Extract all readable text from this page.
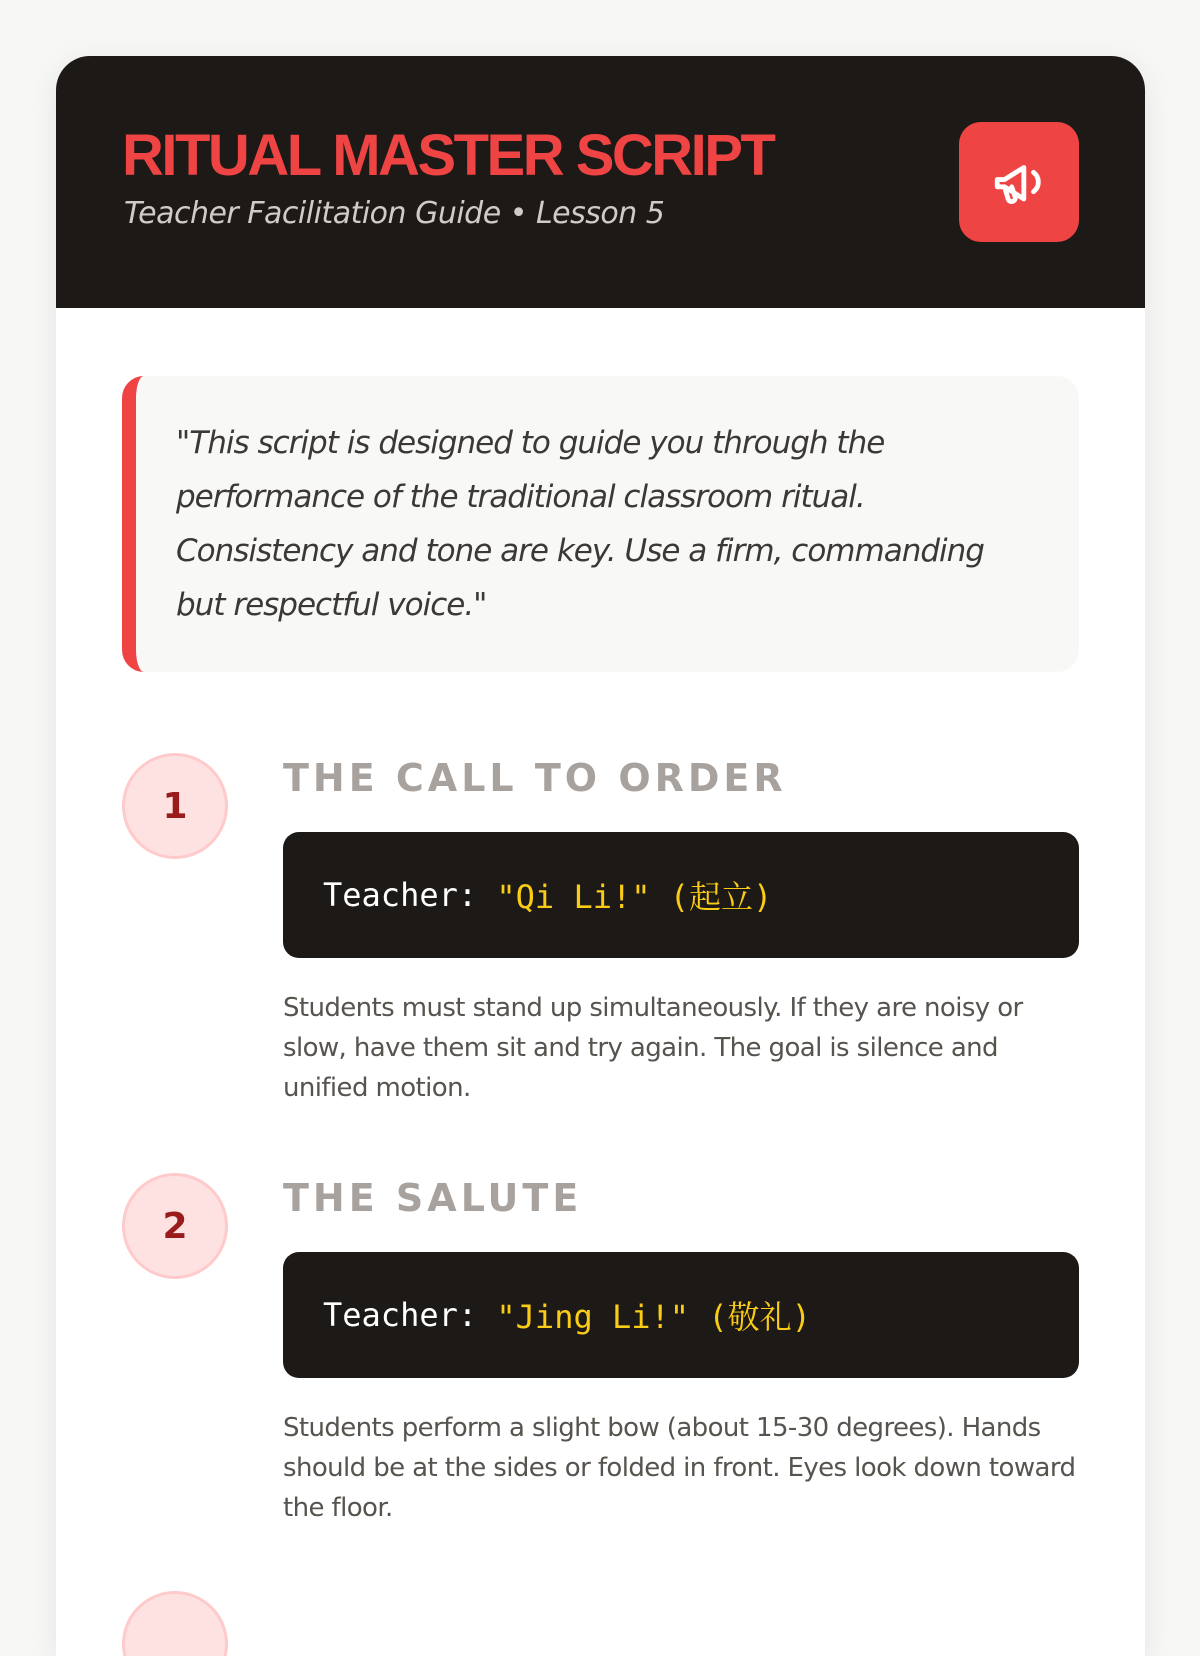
RITUAL MASTER SCRIPT
Teacher Facilitation Guide • Lesson 5
"This script is designed to guide you through the performance of the traditional classroom ritual. Consistency and tone are key. Use a firm, commanding but respectful voice."
1
THE CALL TO ORDER
Teacher:
"Qi Li!" (起立)
Students must stand up simultaneously. If they are noisy or slow, have them sit and try again. The goal is silence and unified motion.
2
THE SALUTE
Teacher:
"Jing Li!" (敬礼)
Students perform a slight bow (about 15-30 degrees). Hands should be at the sides or folded in front. Eyes look down toward the floor.
